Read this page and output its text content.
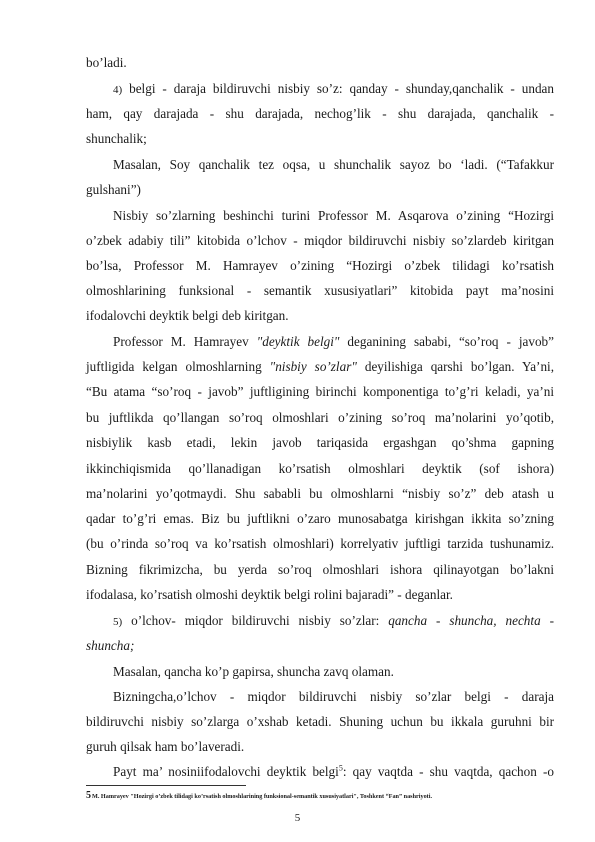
bo’ladi.
4) belgi - daraja bildiruvchi nisbiy so’z: qanday - shunday,qanchalik - undan
ham, qay darajada - shu darajada, nechog’lik - shu darajada, qanchalik -
shunchalik;
Masalan, Soy qanchalik tez oqsa, u shunchalik sayoz bo ‘ladi. (“Tafakkur
gulshani”)
Nisbiy so’zlarning beshinchi turini Professor M. Asqarova o’zining “Hozirgi
o’zbek adabiy tili” kitobida o’lchov - miqdor bildiruvchi nisbiy so’zlardeb kiritgan
bo’lsa, Professor M. Hamrayev o’zining “Hozirgi o’zbek tilidagi ko’rsatish
olmoshlarining funksional - semantik xususiyatlari” kitobida payt ma’nosini
ifodalovchi deyktik belgi deb kiritgan.
Professor M. Hamrayev "deyktik belgi" deganining sababi, “so’roq - javob”
juftligida kelgan olmoshlarning "nisbiy so’zlar" deyilishiga qarshi bo’lgan. Ya’ni,
“Bu atama “so’roq - javob” juftligining birinchi komponentiga to’g’ri keladi, ya’ni
bu juftlikda qo’llangan so’roq olmoshlari o’zining so’roq ma’nolarini yo’qotib,
nisbiylik kasb etadi, lekin javob tariqasida ergashgan qo’shma gapning
ikkinchiqismida qo’llanadigan ko’rsatish olmoshlari deyktik (sof ishora)
ma’nolarini yo’qotmaydi. Shu sababli bu olmoshlarni “nisbiy so’z” deb atash u
qadar to’g’ri emas. Biz bu juftlikni o’zaro munosabatga kirishgan ikkita so’zning
(bu o’rinda so’roq va ko’rsatish olmoshlari) korrelyativ juftligi tarzida tushunamiz.
Bizning fikrimizcha, bu yerda so’roq olmoshlari ishora qilinayotgan bo’lakni
ifodalasa, ko’rsatish olmoshi deyktik belgi rolini bajaradi” - deganlar.
5) o’lchov- miqdor bildiruvchi nisbiy so’zlar: qancha - shuncha, nechta -
shuncha;
Masalan, qancha ko’p gapirsa, shuncha zavq olaman.
Bizningcha,o’lchov - miqdor bildiruvchi nisbiy so’zlar belgi - daraja
bildiruvchi nisbiy so’zlarga o’xshab ketadi. Shuning uchun bu ikkala guruhni bir
guruh qilsak ham bo’laveradi.
Payt ma’ nosiniifodalovchi deyktik belgi$^5$: qay vaqtda - shu vaqtda, qachon -o
5M. Hamrayev "Hozirgi o’zbek tilidagi ko’rsatish olmoshlarining funksional-semantik xususiyatlari", Toshkent “Fan” nashriyoti.
5
